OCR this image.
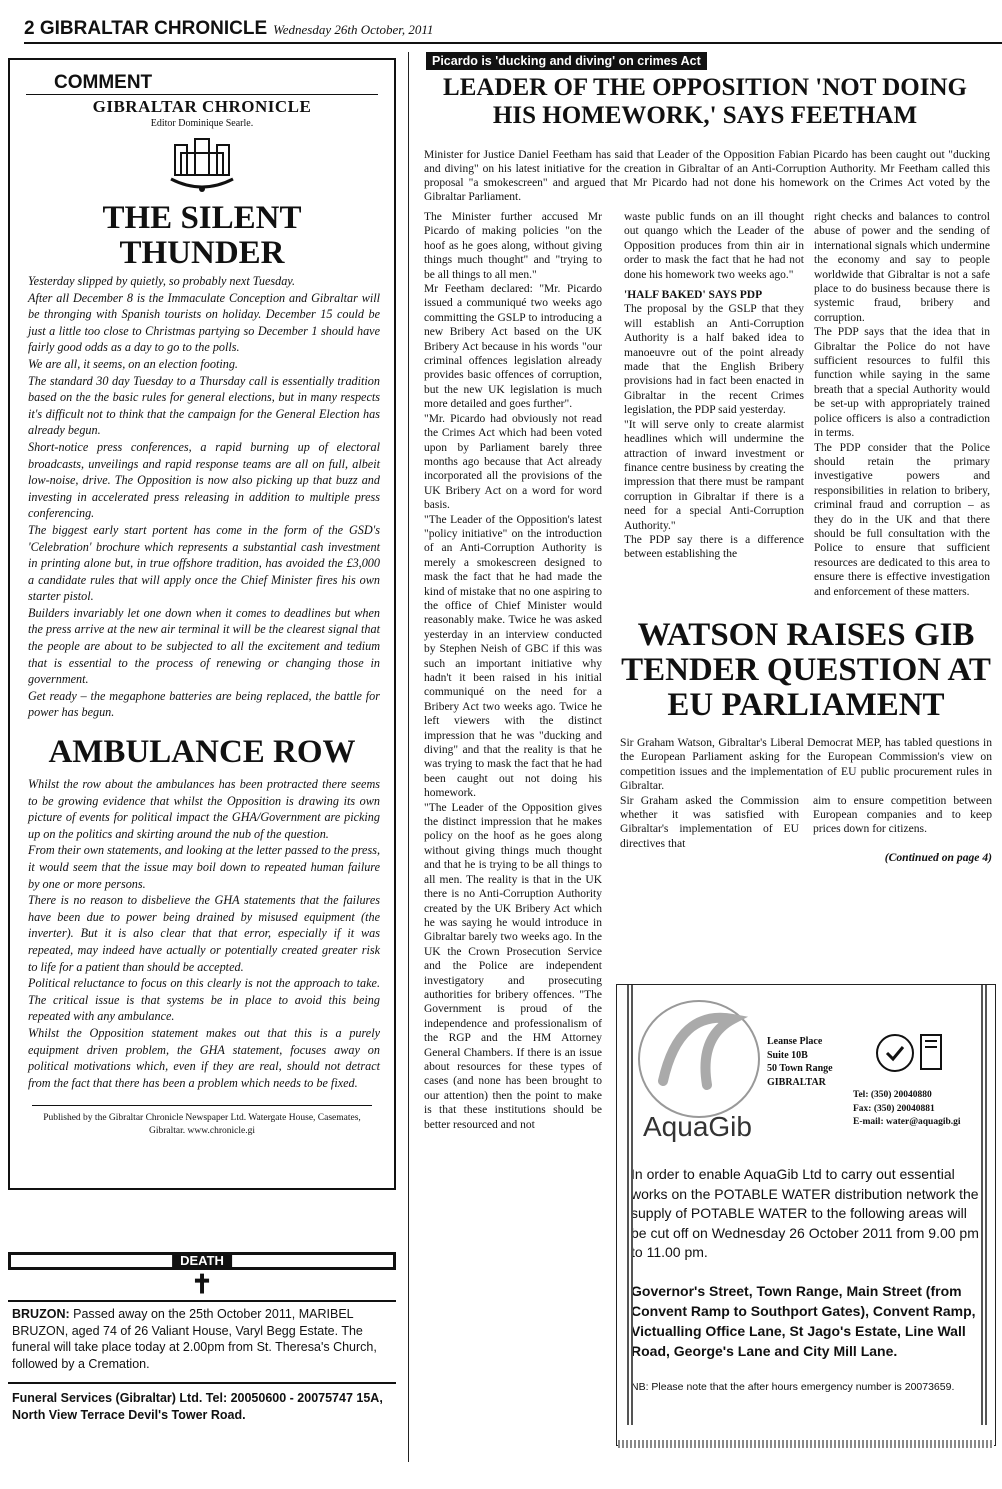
2 GIBRALTAR CHRONICLE Wednesday 26th October, 2011
COMMENT
GIBRALTAR CHRONICLE
Editor Dominique Searle.
THE SILENT THUNDER

Yesterday slipped by quietly, so probably next Tuesday.

After all December 8 is the Immaculate Conception and Gibraltar will be thronging with Spanish tourists on holiday. December 15 could be just a little too close to Christmas partying so December 1 should have fairly good odds as a day to go to the polls.

We are all, it seems, on an election footing.

The standard 30 day Tuesday to a Thursday call is essentially tradition based on the the basic rules for general elections, but in many respects it's difficult not to think that the campaign for the General Election has already begun.

Short-notice press conferences, a rapid burning up of electoral broadcasts, unveilings and rapid response teams are all on full, albeit low-noise, drive. The Opposition is now also picking up that buzz and investing in accelerated press releasing in addition to multiple press conferencing.

The biggest early start portent has come in the form of the GSD's 'Celebration' brochure which represents a substantial cash investment in printing alone but, in true offshore tradition, has avoided the £3,000 a candidate rules that will apply once the Chief Minister fires his own starter pistol.

Builders invariably let one down when it comes to deadlines but when the press arrive at the new air terminal it will be the clearest signal that the people are about to be subjected to all the excitement and tedium that is essential to the process of renewing or changing those in government.

Get ready – the megaphone batteries are being replaced, the battle for power has begun.

AMBULANCE ROW

Whilst the row about the ambulances has been protracted there seems to be growing evidence that whilst the Opposition is drawing its own picture of events for political impact the GHA/Government are picking up on the politics and skirting around the nub of the question.

From their own statements, and looking at the letter passed to the press, it would seem that the issue may boil down to repeated human failure by one or more persons.

There is no reason to disbelieve the GHA statements that the failures have been due to power being drained by misused equipment (the inverter). But it is also clear that that error, especially if it was repeated, may indeed have actually or potentially created greater risk to life for a patient than should be accepted.

Political reluctance to focus on this clearly is not the approach to take. The critical issue is that systems be in place to avoid this being repeated with any ambulance.

Whilst the Opposition statement makes out that this is a purely equipment driven problem, the GHA statement, focuses away on political motivations which, even if they are real, should not detract from the fact that there has been a problem which needs to be fixed.

Published by the Gibraltar Chronicle Newspaper Ltd. Watergate House, Casemates, Gibraltar. www.chronicle.gi
DEATH
✝
BRUZON: Passed away on the 25th October 2011, MARIBEL BRUZON, aged 74 of 26 Valiant House, Varyl Begg Estate. The funeral will take place today at 2.00pm from St. Theresa's Church, followed by a Cremation.
Funeral Services (Gibraltar) Ltd. Tel: 20050600 - 20075747 15A, North View Terrace Devil's Tower Road.
Picardo is 'ducking and diving' on crimes Act
LEADER OF THE OPPOSITION 'NOT DOING HIS HOMEWORK,' SAYS FEETHAM
Minister for Justice Daniel Feetham has said that Leader of the Opposition Fabian Picardo has been caught out "ducking and diving" on his latest initiative for the creation in Gibraltar of an Anti-Corruption Authority. Mr Feetham called this proposal "a smokescreen" and argued that Mr Picardo had not done his homework on the Crimes Act voted by the Gibraltar Parliament.

The Minister further accused Mr Picardo of making policies "on the hoof as he goes along, without giving things much thought" and "trying to be all things to all men."

Mr Feetham declared: "Mr. Picardo issued a communiqué two weeks ago committing the GSLP to introducing a new Bribery Act based on the UK Bribery Act because in his words "our criminal offences legislation already provides basic offences of corruption, but the new UK legislation is much more detailed and goes further".

"Mr. Picardo had obviously not read the Crimes Act which had been voted upon by Parliament barely three months ago because that Act already incorporated all the provisions of the UK Bribery Act on a word for word basis.

"The Leader of the Opposition's latest "policy initiative" on the introduction of an Anti-Corruption Authority is merely a smokescreen designed to mask the fact that he had made the kind of mistake that no one aspiring to the office of Chief Minister would reasonably make. Twice he was asked yesterday in an interview conducted by Stephen Neish of GBC if this was such an important initiative why hadn't it been raised in his initial communiqué on the need for a Bribery Act two weeks ago. Twice he left viewers with the distinct impression that he was "ducking and diving" and that the reality is that he was trying to mask the fact that he had been caught out not doing his homework.

"The Leader of the Opposition gives the distinct impression that he makes policy on the hoof as he goes along without giving things much thought and that he is trying to be all things to all men. The reality is that in the UK there is no Anti-Corruption Authority created by the UK Bribery Act which he was saying he would introduce in Gibraltar barely two weeks ago. In the UK the Crown Prosecution Service and the Police are independent investigatory and prosecuting authorities for bribery offences. "The Government is proud of the independence and professionalism of the RGP and the HM Attorney General Chambers. If there is an issue about resources for these types of cases (and none has been brought to our attention) then the point to make is that these institutions should be better resourced and not

waste public funds on an ill thought out quango which the Leader of the Opposition produces from thin air in order to mask the fact that he had not done his homework two weeks ago."

'HALF BAKED' SAYS PDP

The proposal by the GSLP that they will establish an Anti-Corruption Authority is a half baked idea to manoeuvre out of the point already made that the English Bribery provisions had in fact been enacted in Gibraltar in the recent Crimes legislation, the PDP said yesterday.

"It will serve only to create alarmist headlines which will undermine the attraction of inward investment or finance centre business by creating the impression that there must be rampant corruption in Gibraltar if there is a need for a special Anti-Corruption Authority."

The PDP say there is a difference between establishing the

right checks and balances to control abuse of power and the sending of international signals which undermine the economy and say to people worldwide that Gibraltar is not a safe place to do business because there is systemic fraud, bribery and corruption.

The PDP says that the idea that in Gibraltar the Police do not have sufficient resources to fulfil this function while saying in the same breath that a special Authority would be set-up with appropriately trained police officers is also a contradiction in terms.

The PDP consider that the Police should retain the primary investigative powers and responsibilities in relation to bribery, criminal fraud and corruption – as they do in the UK and that there should be full consultation with the Police to ensure that sufficient resources are dedicated to this area to ensure there is effective investigation and enforcement of these matters.

WATSON RAISES GIB TENDER QUESTION AT EU PARLIAMENT

Sir Graham Watson, Gibraltar's Liberal Democrat MEP, has tabled questions in the European Parliament asking for the European Commission's view on competition issues and the implementation of EU public procurement rules in Gibraltar.

Sir Graham asked the Commission whether it was satisfied with Gibraltar's implementation of EU directives that

aim to ensure competition between European companies and to keep prices down for citizens.

(Continued on page 4)
AquaGib
Leanse Place
Suite 10B
50 Town Range
GIBRALTAR
Tel: (350) 20040880
Fax: (350) 20040881
E-mail: water@aquagib.gi
In order to enable AquaGib Ltd to carry out essential works on the POTABLE WATER distribution network the supply of POTABLE WATER to the following areas will be cut off on Wednesday 26 October 2011 from 9.00 pm to 11.00 pm.
Governor's Street, Town Range, Main Street (from Convent Ramp to Southport Gates), Convent Ramp, Victualling Office Lane, St Jago's Estate, Line Wall Road, George's Lane and City Mill Lane.
NB: Please note that the after hours emergency number is 20073659.
